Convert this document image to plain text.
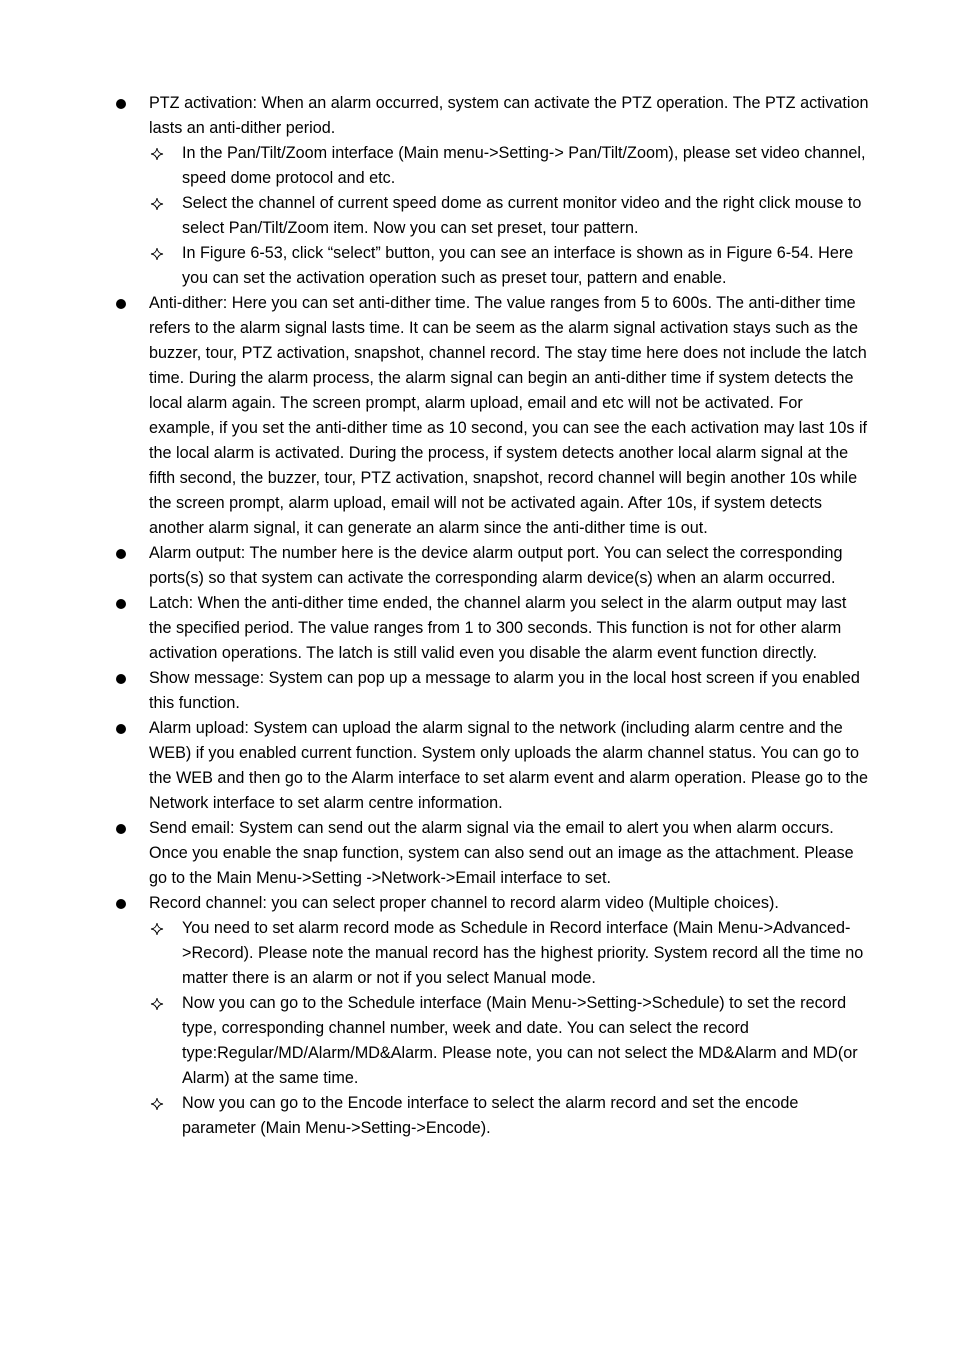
PTZ activation: When an alarm occurred, system can activate the PTZ operation. The PTZ activation lasts an anti-dither period.
In the Pan/Tilt/Zoom interface (Main menu->Setting-> Pan/Tilt/Zoom), please set video channel, speed dome protocol and etc.
Select the channel of current speed dome as current monitor video and the right click mouse to select Pan/Tilt/Zoom item. Now you can set preset, tour pattern.
In Figure 6-53, click “select” button, you can see an interface is shown as in Figure 6-54. Here you can set the activation operation such as preset tour, pattern and enable.
Anti-dither: Here you can set anti-dither time. The value ranges from 5 to 600s. The anti-dither time refers to the alarm signal lasts time. It can be seem as the alarm signal activation stays such as the buzzer, tour, PTZ activation, snapshot, channel record. The stay time here does not include the latch time. During the alarm process, the alarm signal can begin an anti-dither time if system detects the local alarm again. The screen prompt, alarm upload, email and etc will not be activated. For example, if you set the anti-dither time as 10 second, you can see the each activation may last 10s if the local alarm is activated. During the process, if system detects another local alarm signal at the fifth second, the buzzer, tour, PTZ activation, snapshot, record channel will begin another 10s while the screen prompt, alarm upload, email will not be activated again. After 10s, if system detects another alarm signal, it can generate an alarm since the anti-dither time is out.
Alarm output: The number here is the device alarm output port. You can select the corresponding ports(s) so that system can activate the corresponding alarm device(s) when an alarm occurred.
Latch: When the anti-dither time ended, the channel alarm you select in the alarm output may last the specified period. The value ranges from 1 to 300 seconds. This function is not for other alarm activation operations. The latch is still valid even you disable the alarm event function directly.
Show message: System can pop up a message to alarm you in the local host screen if you enabled this function.
Alarm upload: System can upload the alarm signal to the network (including alarm centre and the WEB) if you enabled current function. System only uploads the alarm channel status. You can go to the WEB and then go to the Alarm interface to set alarm event and alarm operation. Please go to the Network interface to set alarm centre information.
Send email: System can send out the alarm signal via the email to alert you when alarm occurs. Once you enable the snap function, system can also send out an image as the attachment. Please go to the Main Menu->Setting ->Network->Email interface to set.
Record channel: you can select proper channel to record alarm video (Multiple choices).
You need to set alarm record mode as Schedule in Record interface (Main Menu->Advanced->Record). Please note the manual record has the highest priority. System record all the time no matter there is an alarm or not if you select Manual mode.
Now you can go to the Schedule interface (Main Menu->Setting->Schedule) to set the record type, corresponding channel number, week and date. You can select the record type:Regular/MD/Alarm/MD&Alarm. Please note, you can not select the MD&Alarm and MD(or Alarm) at the same time.
Now you can go to the Encode interface to select the alarm record and set the encode parameter (Main Menu->Setting->Encode).
